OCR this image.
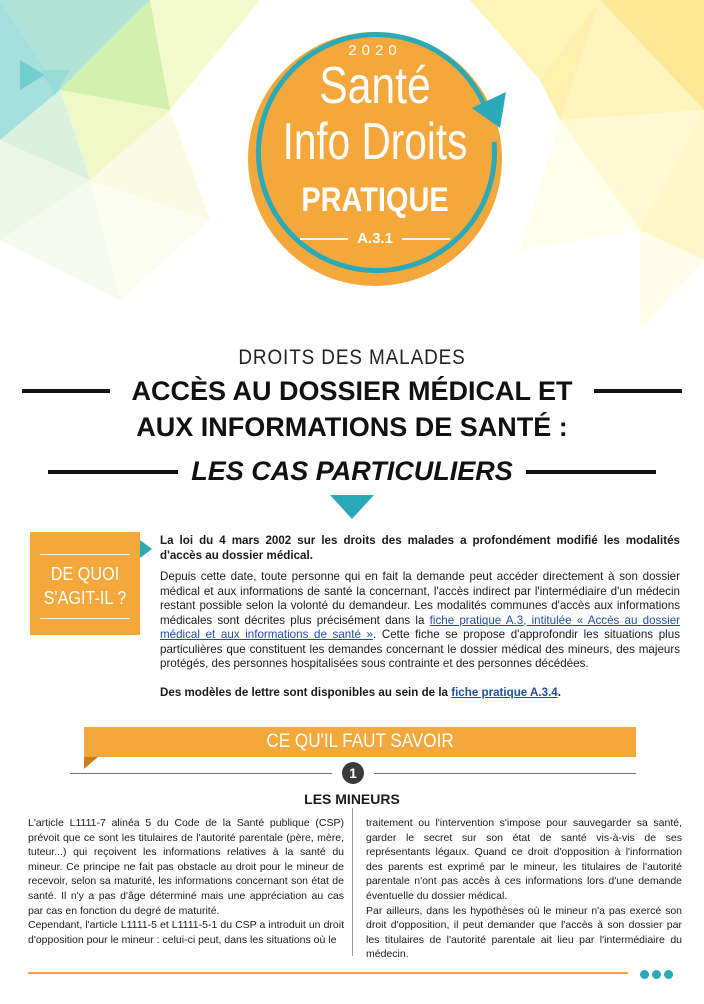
2020
Santé
Info Droits
PRATIQUE
A.3.1
DROITS DES MALADES
ACCÈS AU DOSSIER MÉDICAL ET
AUX INFORMATIONS DE SANTÉ :
LES CAS PARTICULIERS
DE QUOI
S'AGIT-IL ?
La loi du 4 mars 2002 sur les droits des malades a profondément modifié les modalités d'accès au dossier médical.
Depuis cette date, toute personne qui en fait la demande peut accéder directement à son dossier médical et aux informations de santé la concernant, l'accès indirect par l'intermédiaire d'un médecin restant possible selon la volonté du demandeur. Les modalités communes d'accès aux informations médicales sont décrites plus précisément dans la fiche pratique A.3, intitulée « Accès au dossier médical et aux informations de santé ». Cette fiche se propose d'approfondir les situations plus particulières que constituent les demandes concernant le dossier médical des mineurs, des majeurs protégés, des personnes hospitalisées sous contrainte et des personnes décédées.
Des modèles de lettre sont disponibles au sein de la fiche pratique A.3.4.
CE QU'IL FAUT SAVOIR
1
LES MINEURS

L'article L1111-7 alinéa 5 du Code de la Santé publique (CSP) prévoit que ce sont les titulaires de l'autorité parentale (père, mère, tuteur...) qui reçoivent les informations relatives à la santé du mineur. Ce principe ne fait pas obstacle au droit pour le mineur de recevoir, selon sa maturité, les informations concernant son état de santé. Il n'y a pas d'âge déterminé mais une appréciation au cas par cas en fonction du degré de maturité.

Cependant, l'article L1111-5 et L1111-5-1 du CSP a introduit un droit d'opposition pour le mineur : celui-ci peut, dans les situations où le

traitement ou l'intervention s'impose pour sauvegarder sa santé, garder le secret sur son état de santé vis-à-vis de ses représentants légaux. Quand ce droit d'opposition à l'information des parents est exprimé par le mineur, les titulaires de l'autorité parentale n'ont pas accès à ces informations lors d'une demande éventuelle du dossier médical.

Par ailleurs, dans les hypothèses où le mineur n'a pas exercé son droit d'opposition, il peut demander que l'accès à son dossier par les titulaires de l'autorité parentale ait lieu par l'intermédiaire du médecin.
